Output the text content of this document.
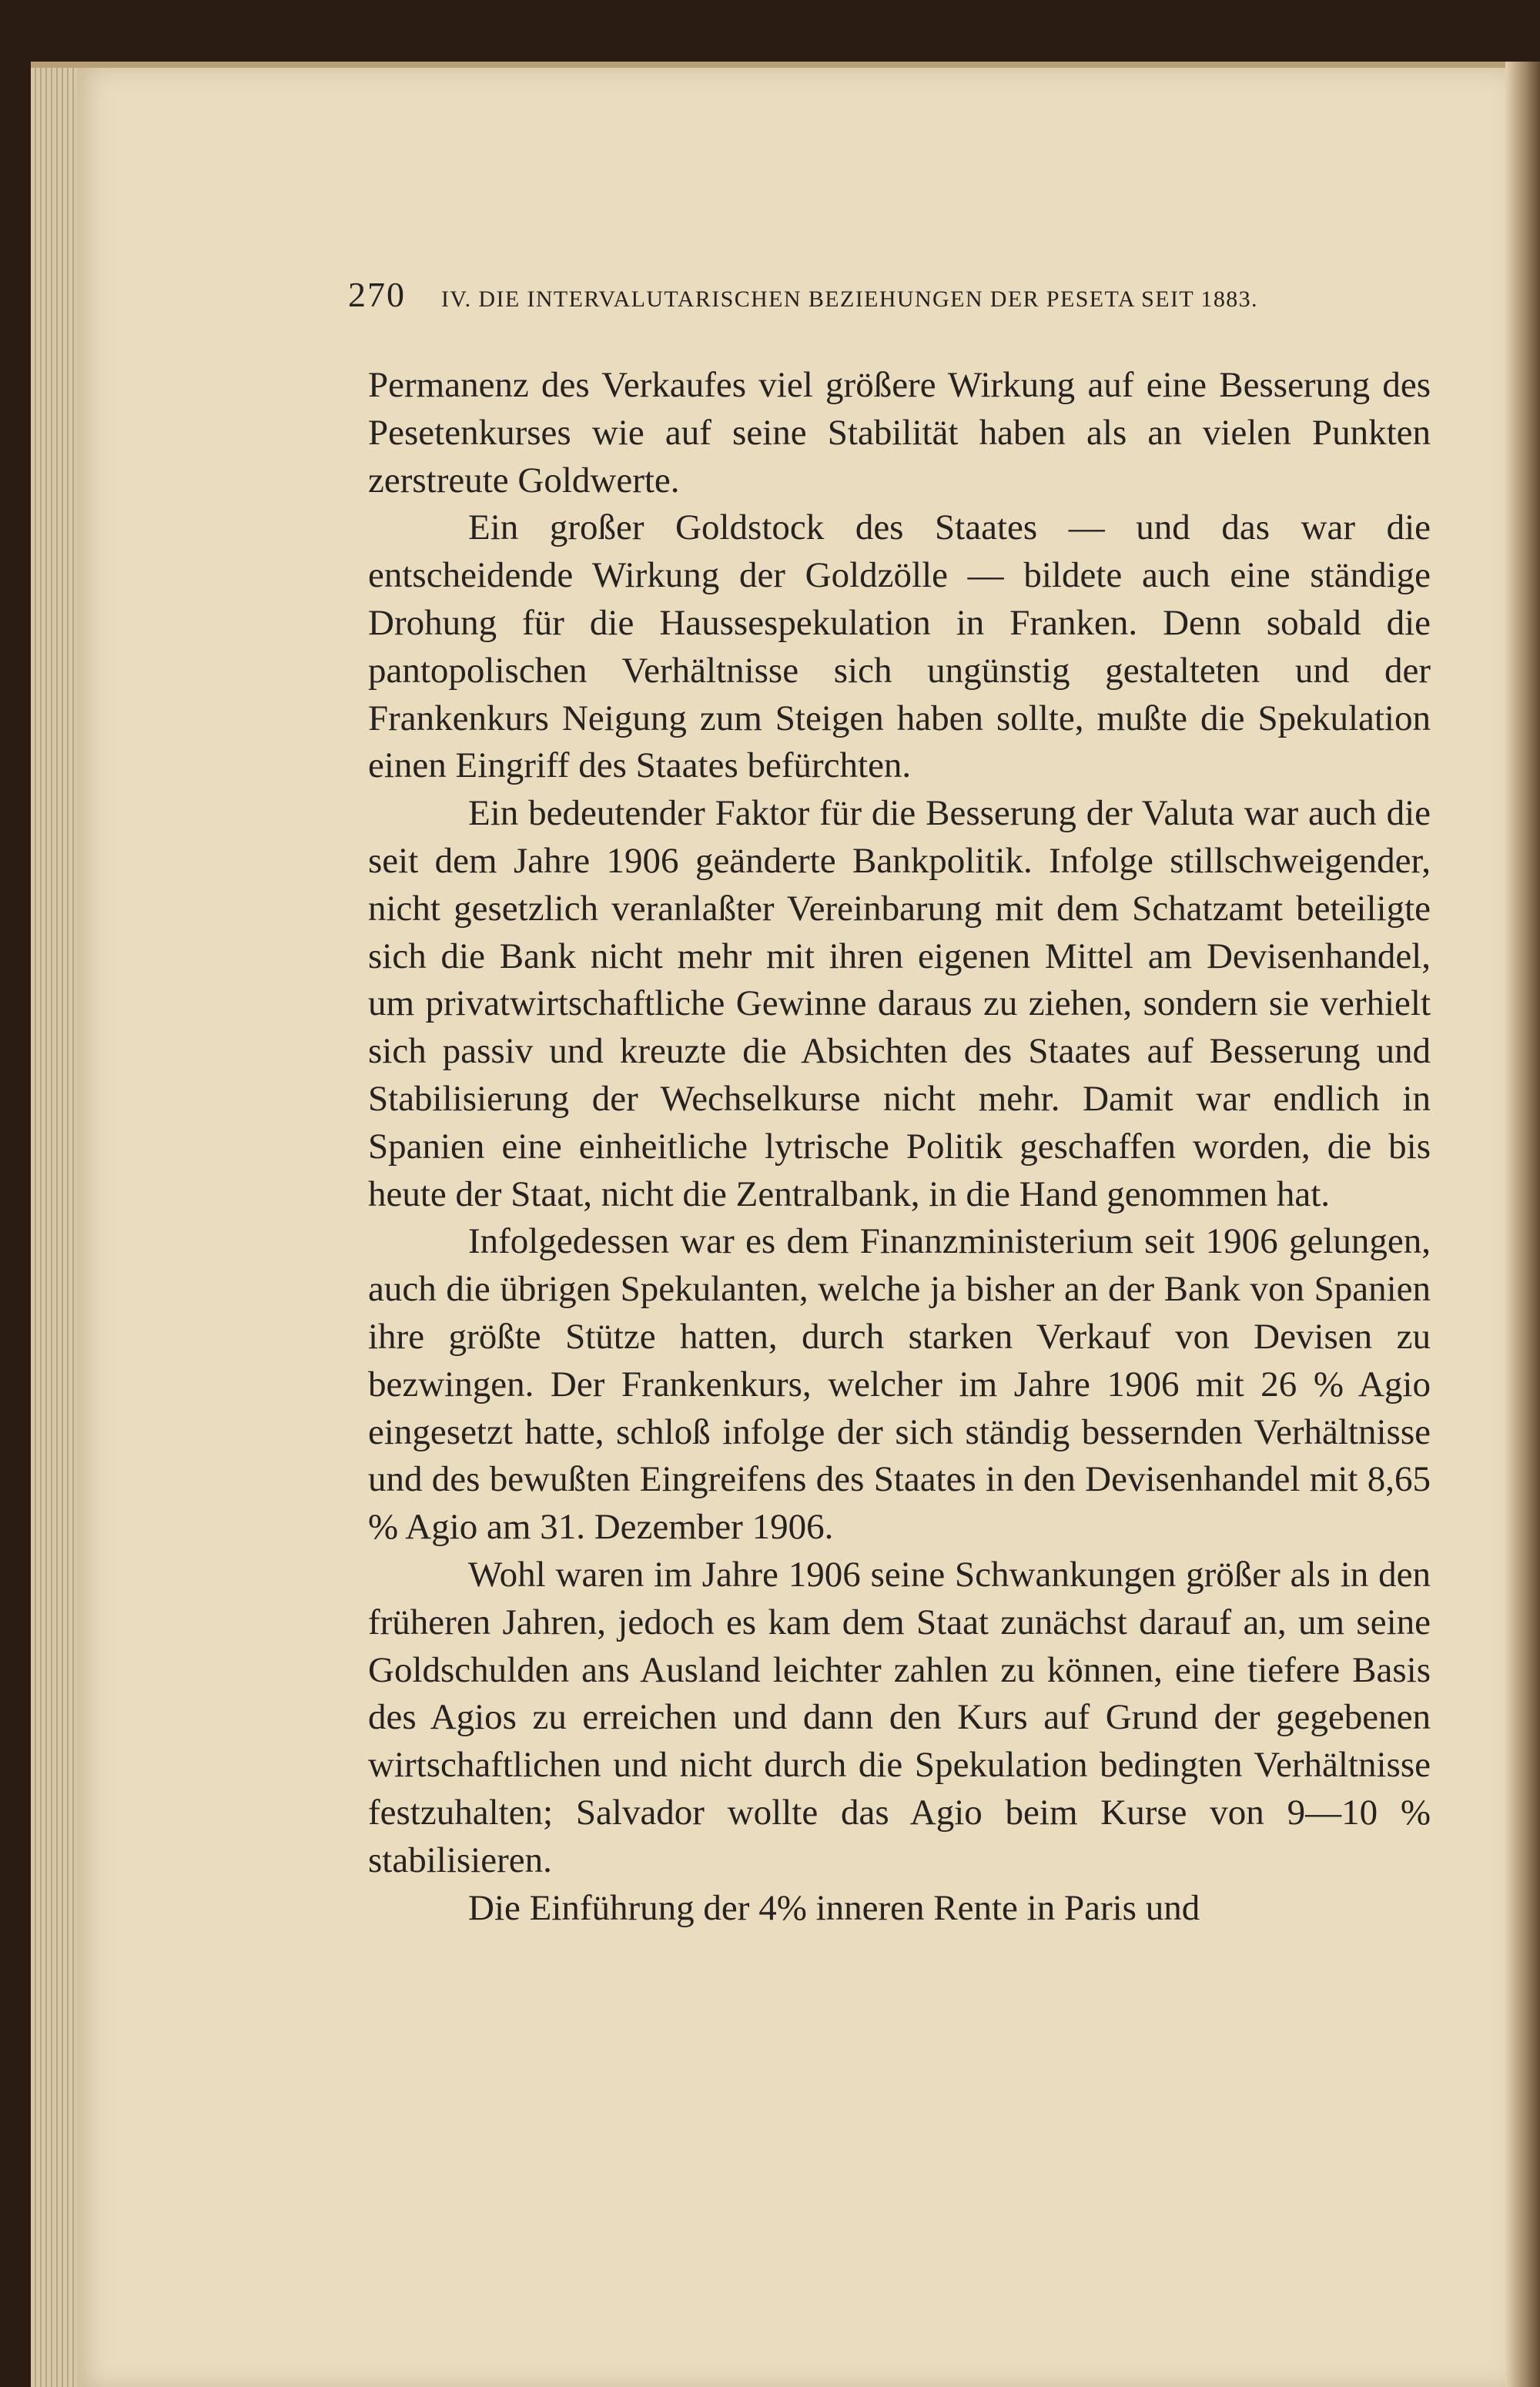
270 IV. DIE INTERVALUTARISCHEN BEZIEHUNGEN DER PESETA SEIT 1883.

Permanenz des Verkaufes viel größere Wirkung auf eine Besserung des Pesetenkurses wie auf seine Stabilität haben als an vielen Punkten zerstreute Goldwerte.

Ein großer Goldstock des Staates — und das war die entscheidende Wirkung der Goldzölle — bildete auch eine ständige Drohung für die Haussespekulation in Franken. Denn sobald die pantopolischen Verhältnisse sich ungünstig gestalteten und der Frankenkurs Neigung zum Steigen haben sollte, mußte die Spekulation einen Eingriff des Staates befürchten.

Ein bedeutender Faktor für die Besserung der Valuta war auch die seit dem Jahre 1906 geänderte Bankpolitik. Infolge stillschweigender, nicht gesetzlich veranlaßter Vereinbarung mit dem Schatzamt beteiligte sich die Bank nicht mehr mit ihren eigenen Mittel am Devisenhandel, um privatwirtschaftliche Gewinne daraus zu ziehen, sondern sie verhielt sich passiv und kreuzte die Absichten des Staates auf Besserung und Stabilisierung der Wechselkurse nicht mehr. Damit war endlich in Spanien eine einheitliche lytrische Politik geschaffen worden, die bis heute der Staat, nicht die Zentralbank, in die Hand genommen hat.

Infolgedessen war es dem Finanzministerium seit 1906 gelungen, auch die übrigen Spekulanten, welche ja bisher an der Bank von Spanien ihre größte Stütze hatten, durch starken Verkauf von Devisen zu bezwingen. Der Frankenkurs, welcher im Jahre 1906 mit 26 % Agio eingesetzt hatte, schloß infolge der sich ständig bessernden Verhältnisse und des bewußten Eingreifens des Staates in den Devisenhandel mit 8,65 % Agio am 31. Dezember 1906.

Wohl waren im Jahre 1906 seine Schwankungen größer als in den früheren Jahren, jedoch es kam dem Staat zunächst darauf an, um seine Goldschulden ans Ausland leichter zahlen zu können, eine tiefere Basis des Agios zu erreichen und dann den Kurs auf Grund der gegebenen wirtschaftlichen und nicht durch die Spekulation bedingten Verhältnisse festzuhalten; Salvador wollte das Agio beim Kurse von 9—10 % stabilisieren.

Die Einführung der 4% inneren Rente in Paris und
